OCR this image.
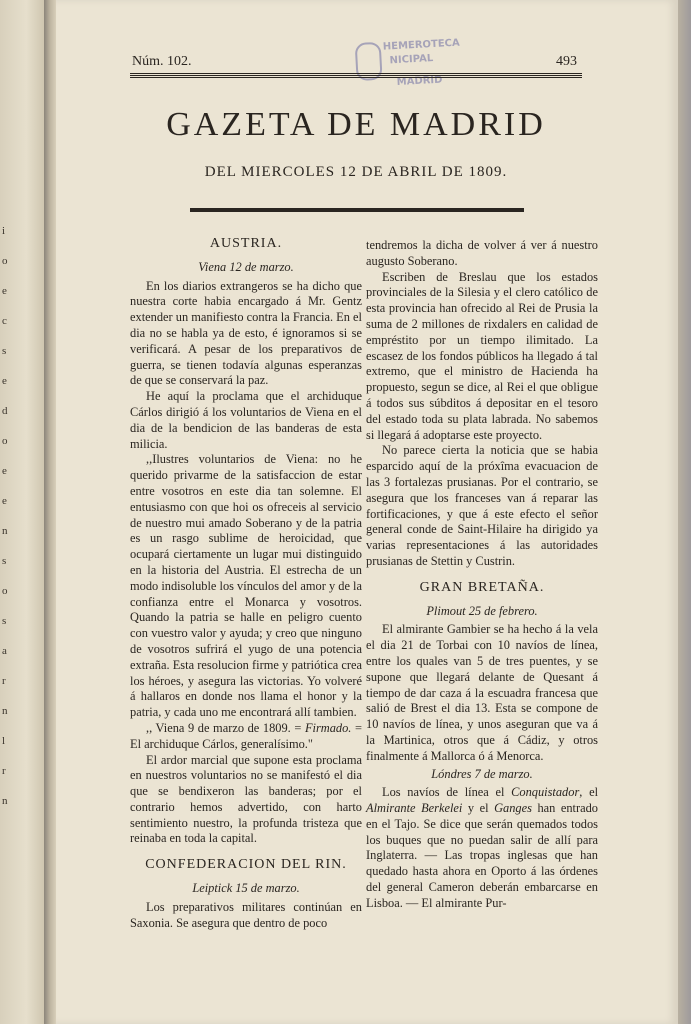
i
o
e
c
s
e
d
o
e
e
n
s
o
s
a
r
n
l
r
n
Núm. 102.	493
HEMEROTECA
NICIPAL
MADRID
GAZETA DE MADRID
DEL MIERCOLES 12 DE ABRIL DE 1809.
AUSTRIA.
Viena 12 de marzo.

En los diarios extrangeros se ha dicho que nuestra corte habia encargado á Mr. Gentz extender un manifiesto contra la Francia. En el dia no se habla ya de esto, é ignoramos si se verificará. A pesar de los preparativos de guerra, se tienen todavía algunas esperanzas de que se conservará la paz.

He aquí la proclama que el archiduque Cárlos dirigió á los voluntarios de Viena en el dia de la bendicion de las banderas de esta milicia.

,,Ilustres voluntarios de Viena: no he querido privarme de la satisfaccion de estar entre vosotros en este dia tan solemne. El entusiasmo con que hoi os ofreceis al servicio de nuestro mui amado Soberano y de la patria es un rasgo sublime de heroicidad, que ocupará ciertamente un lugar mui distinguido en la historia del Austria. El estrecha de un modo indisoluble los vínculos del amor y de la confianza entre el Monarca y vosotros. Quando la patria se halle en peligro cuento con vuestro valor y ayuda; y creo que ninguno de vosotros sufrirá el yugo de una potencia extraña. Esta resolucion firme y patriótica crea los héroes, y asegura las victorias. Yo volveré á hallaros en donde nos llama el honor y la patria, y cada uno me encontrará allí tambien.

,, Viena 9 de marzo de 1809. = Firmado. = El archiduque Cárlos, generalísimo."

El ardor marcial que supone esta proclama en nuestros voluntarios no se manifestó el dia que se bendixeron las banderas; por el contrario hemos advertido, con harto sentimiento nuestro, la profunda tristeza que reinaba en toda la capital.

CONFEDERACION DEL RIN.
Leiptick 15 de marzo.

Los preparativos militares continúan en Saxonia. Se asegura que dentro de poco

tendremos la dicha de volver á ver á nuestro augusto Soberano.

Escriben de Breslau que los estados provinciales de la Silesia y el clero católico de esta provincia han ofrecido al Rei de Prusia la suma de 2 millones de rixdalers en calidad de empréstito por un tiempo ilimitado. La escasez de los fondos públicos ha llegado á tal extremo, que el ministro de Hacienda ha propuesto, segun se dice, al Rei el que obligue á todos sus súbditos á depositar en el tesoro del estado toda su plata labrada. No sabemos si llegará á adoptarse este proyecto.

No parece cierta la noticia que se habia esparcido aquí de la próxîma evacuacion de las 3 fortalezas prusianas. Por el contrario, se asegura que los franceses van á reparar las fortificaciones, y que á este efecto el señor general conde de Saint-Hilaire ha dirigido ya varias representaciones á las autoridades prusianas de Stettin y Custrin.

GRAN BRETAÑA.
Plimout 25 de febrero.

El almirante Gambier se ha hecho á la vela el dia 21 de Torbai con 10 navíos de línea, entre los quales van 5 de tres puentes, y se supone que llegará delante de Quesant á tiempo de dar caza á la escuadra francesa que salió de Brest el dia 13. Esta se compone de 10 navíos de línea, y unos aseguran que va á la Martinica, otros que á Cádiz, y otros finalmente á Mallorca ó á Menorca.

Lóndres 7 de marzo.

Los navíos de línea el Conquistador, el Almirante Berkelei y el Ganges han entrado en el Tajo. Se dice que serán quemados todos los buques que no puedan salir de allí para Inglaterra. — Las tropas inglesas que han quedado hasta ahora en Oporto á las órdenes del general Cameron deberán embarcarse en Lisboa. — El almirante Pur-
